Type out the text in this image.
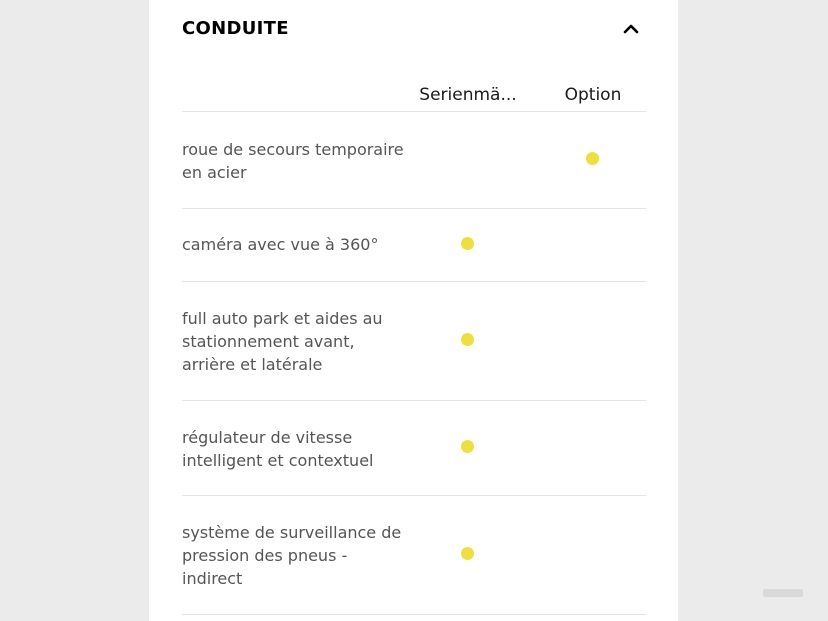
CONDUITE
Serienmä...	Option
roue de secours temporaire en acier
caméra avec vue à 360°
full auto park et aides au stationnement avant, arrière et latérale
régulateur de vitesse intelligent et contextuel
système de surveillance de pression des pneus - indirect
